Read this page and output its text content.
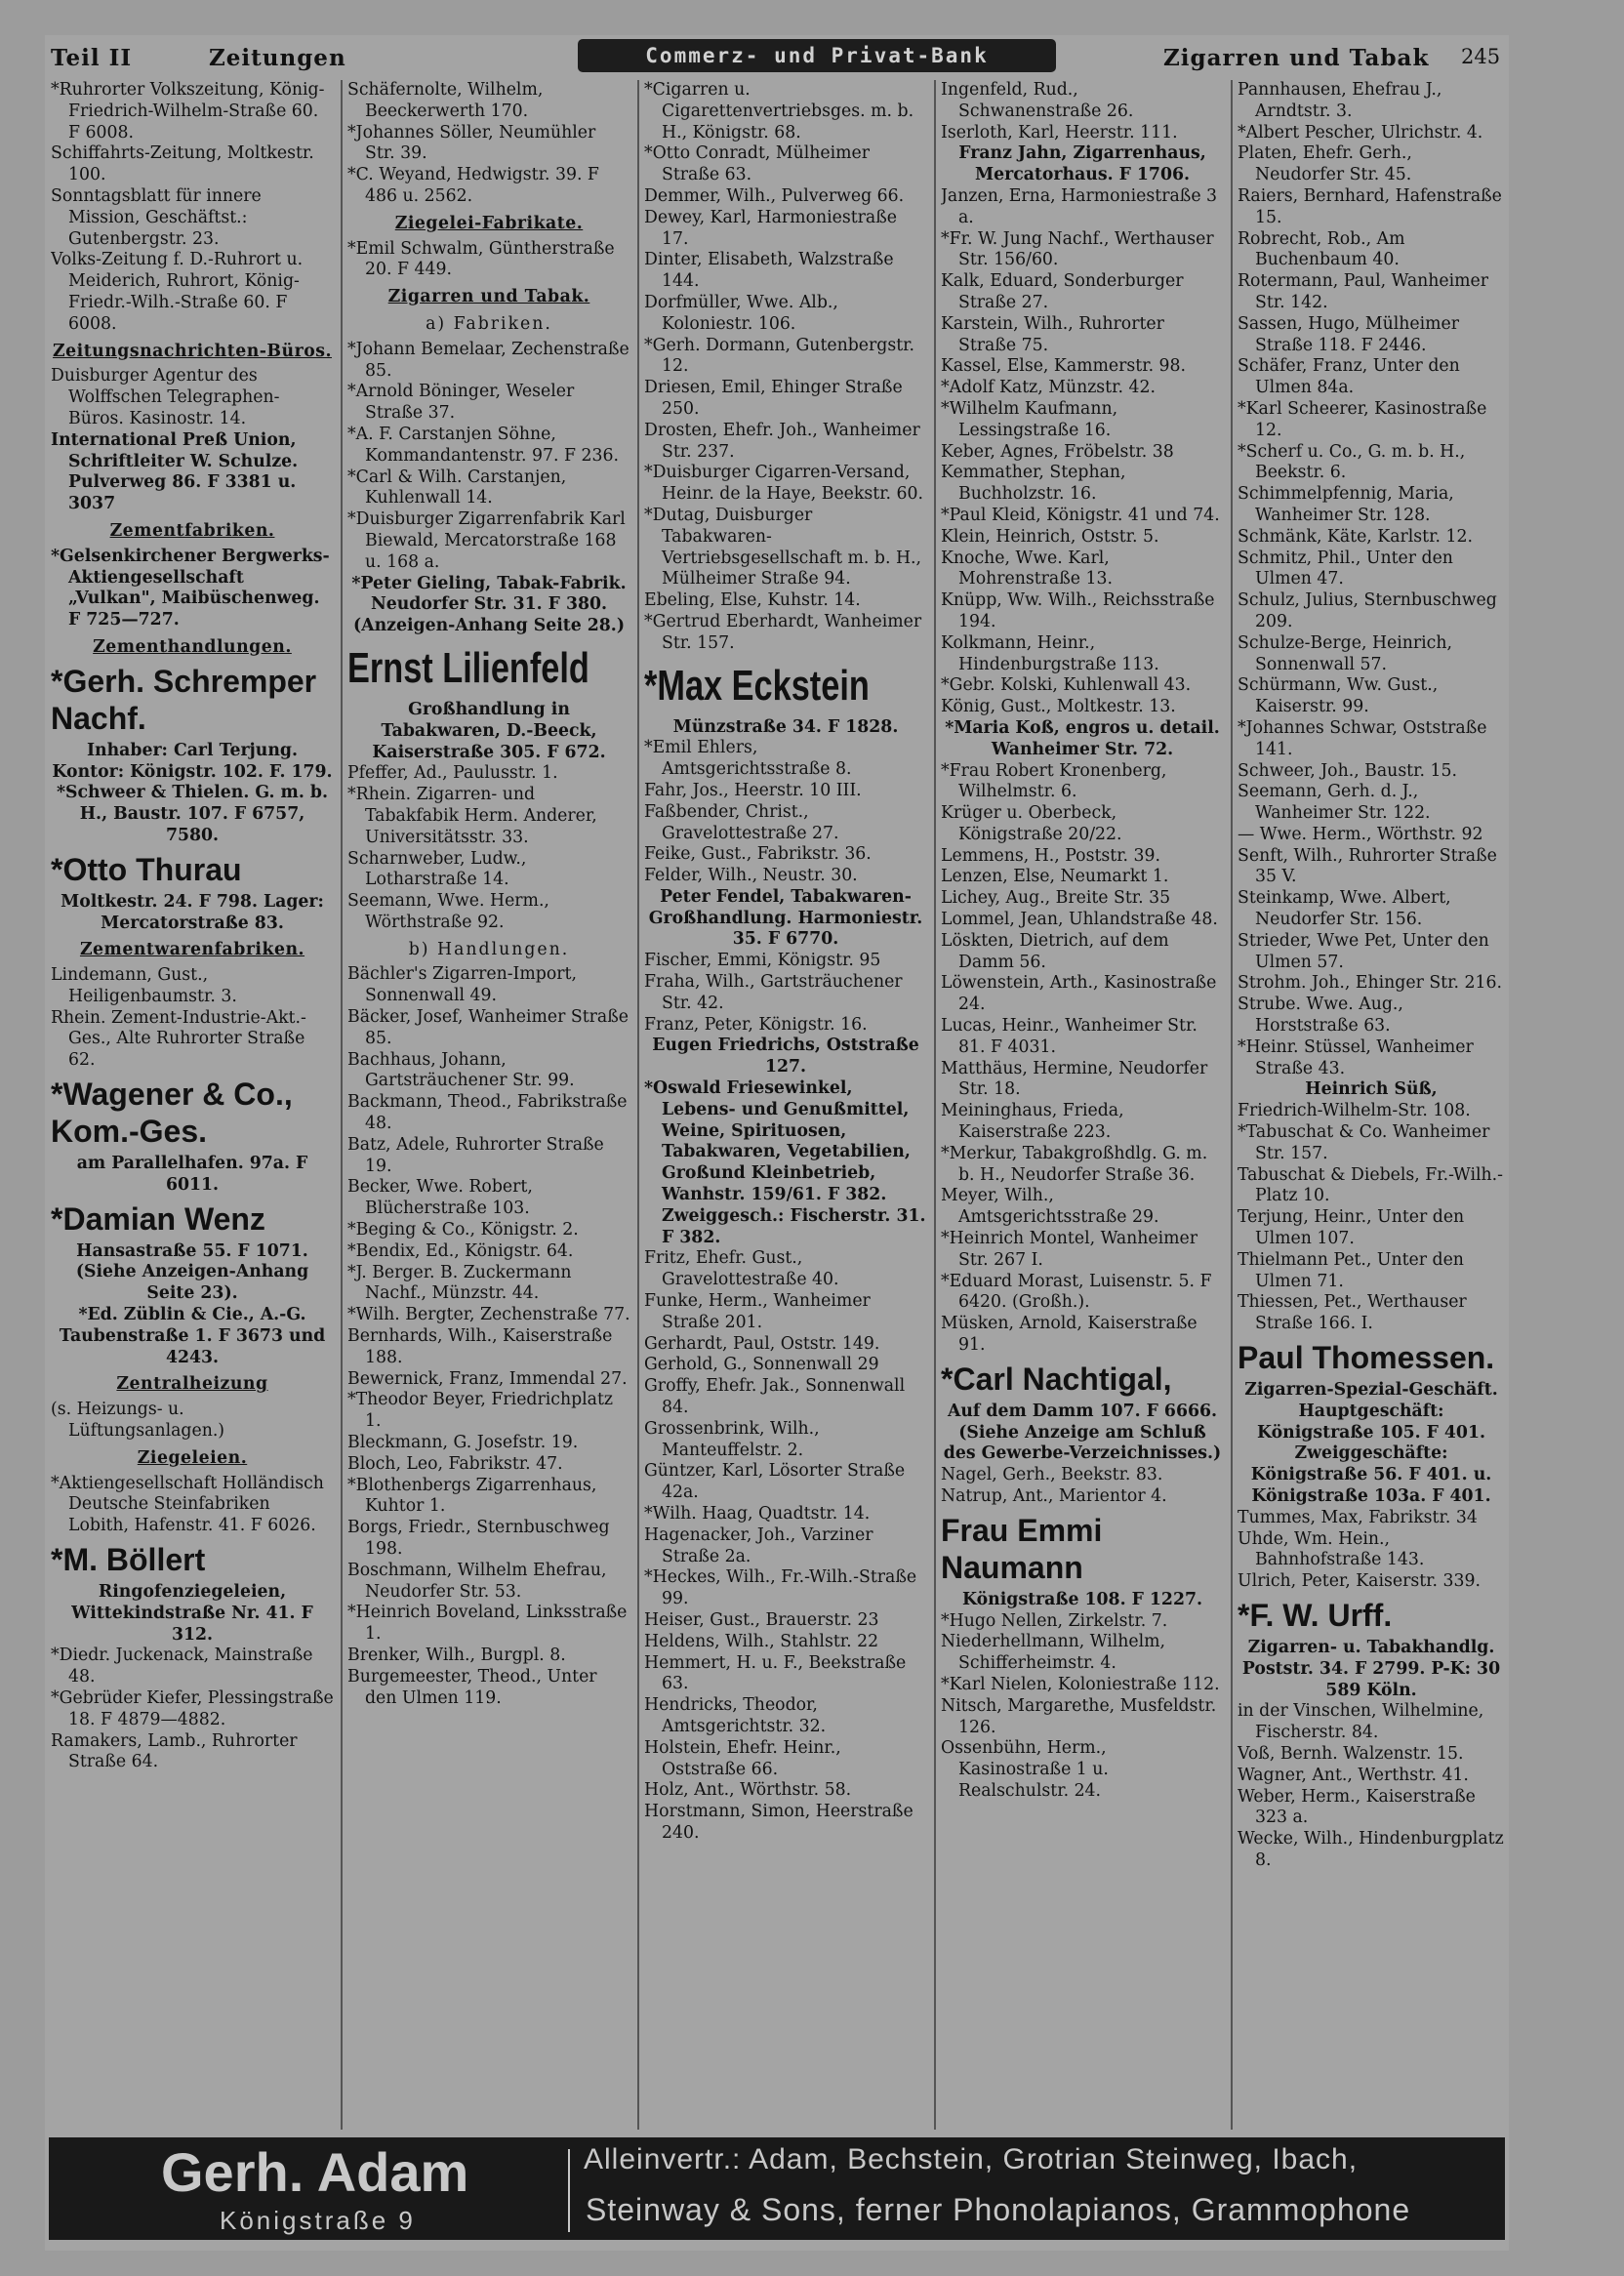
Teil II	Zeitungen	Commerz- und Privat-Bank	Zigarren und Tabak 245

*Ruhrorter Volkszeitung, König-Friedrich-Wilhelm-Straße 60. F 6008.

Schiffahrts-Zeitung, Moltkestr. 100.

Sonntagsblatt für innere Mission, Geschäftst.: Gutenbergstr. 23.

Volks-Zeitung f. D.-Ruhrort u. Meiderich, Ruhrort, König-Friedr.-Wilh.-Straße 60. F 6008.

Zeitungsnachrichten-Büros.

Duisburger Agentur des Wolffschen Telegraphen-Büros. Kasinostr. 14.

International Preß Union, Schriftleiter W. Schulze. Pulverweg 86. F 3381 u. 3037

Zementfabriken.

*Gelsenkirchener Bergwerks-Aktiengesellschaft „Vulkan", Maibüschenweg. F 725—727.

Zementhandlungen.

*Gerh. Schremper Nachf.

Inhaber: Carl Terjung. Kontor: Königstr. 102. F. 179.

*Schweer & Thielen. G. m. b. H., Baustr. 107. F 6757, 7580.

*Otto Thurau

Moltkestr. 24. F 798. Lager: Mercatorstraße 83.

Zementwarenfabriken.

Lindemann, Gust., Heiligenbaumstr. 3.

Rhein. Zement-Industrie-Akt.-Ges., Alte Ruhrorter Straße 62.

*Wagener & Co., Kom.-Ges.

am Parallelhafen. 97a. F 6011.

*Damian Wenz

Hansastraße 55. F 1071. (Siehe Anzeigen-Anhang Seite 23).

*Ed. Züblin & Cie., A.-G. Taubenstraße 1. F 3673 und 4243.

Zentralheizung

(s. Heizungs- u. Lüftungsanlagen.)

Ziegeleien.

*Aktiengesellschaft Holländisch Deutsche Steinfabriken Lobith, Hafenstr. 41. F 6026.

*M. Böllert

Ringofenziegeleien, Wittekindstraße Nr. 41. F 312.

*Diedr. Juckenack, Mainstraße 48.

*Gebrüder Kiefer, Plessingstraße 18. F 4879—4882.

Ramakers, Lamb., Ruhrorter Straße 64.

Schäfernolte, Wilhelm, Beeckerwerth 170.

*Johannes Söller, Neumühler Str. 39.

*C. Weyand, Hedwigstr. 39. F 486 u. 2562.

Ziegelei-Fabrikate.

*Emil Schwalm, Güntherstraße 20. F 449.

Zigarren und Tabak.

a) Fabriken.

*Johann Bemelaar, Zechenstraße 85.

*Arnold Böninger, Weseler Straße 37.

*A. F. Carstanjen Söhne, Kommandantenstr. 97. F 236.

*Carl & Wilh. Carstanjen, Kuhlenwall 14.

*Duisburger Zigarrenfabrik Karl Biewald, Mercatorstraße 168 u. 168 a.

*Peter Gieling, Tabak-Fabrik. Neudorfer Str. 31. F 380. (Anzeigen-Anhang Seite 28.)

Ernst Lilienfeld

Großhandlung in Tabakwaren, D.-Beeck, Kaiserstraße 305. F 672.

Pfeffer, Ad., Paulusstr. 1.

*Rhein. Zigarren- und Tabakfabik Herm. Anderer, Universitätsstr. 33.

Scharnweber, Ludw., Lotharstraße 14.

Seemann, Wwe. Herm., Wörthstraße 92.

b) Handlungen.

Bächler's Zigarren-Import, Sonnenwall 49.

Bäcker, Josef, Wanheimer Straße 85.

Bachhaus, Johann, Gartsträuchener Str. 99.

Backmann, Theod., Fabrikstraße 48.

Batz, Adele, Ruhrorter Straße 19.

Becker, Wwe. Robert, Blücherstraße 103.

*Beging & Co., Königstr. 2.

*Bendix, Ed., Königstr. 64.

*J. Berger. B. Zuckermann Nachf., Münzstr. 44.

*Wilh. Bergter, Zechenstraße 77.

Bernhards, Wilh., Kaiserstraße 188.

Bewernick, Franz, Immendal 27.

*Theodor Beyer, Friedrichplatz 1.

Bleckmann, G. Josefstr. 19.

Bloch, Leo, Fabrikstr. 47.

*Blothenbergs Zigarrenhaus, Kuhtor 1.

Borgs, Friedr., Sternbuschweg 198.

Boschmann, Wilhelm Ehefrau, Neudorfer Str. 53.

*Heinrich Boveland, Linksstraße 1.

Brenker, Wilh., Burgpl. 8.

Burgemeester, Theod., Unter den Ulmen 119.

*Cigarren u. Cigarettenvertriebsges. m. b. H., Königstr. 68.

*Otto Conradt, Mülheimer Straße 63.

Demmer, Wilh., Pulverweg 66.

Dewey, Karl, Harmoniestraße 17.

Dinter, Elisabeth, Walzstraße 144.

Dorfmüller, Wwe. Alb., Koloniestr. 106.

*Gerh. Dormann, Gutenbergstr. 12.

Driesen, Emil, Ehinger Straße 250.

Drosten, Ehefr. Joh., Wanheimer Str. 237.

*Duisburger Cigarren-Versand, Heinr. de la Haye, Beekstr. 60.

*Dutag, Duisburger Tabakwaren-Vertriebsgesellschaft m. b. H., Mülheimer Straße 94.

Ebeling, Else, Kuhstr. 14.

*Gertrud Eberhardt, Wanheimer Str. 157.

*Max Eckstein

Münzstraße 34. F 1828.

*Emil Ehlers, Amtsgerichtsstraße 8.

Fahr, Jos., Heerstr. 10 III.

Faßbender, Christ., Gravelottestraße 27.

Feike, Gust., Fabrikstr. 36.

Felder, Wilh., Neustr. 30.

Peter Fendel, Tabakwaren-Großhandlung. Harmoniestr. 35. F 6770.

Fischer, Emmi, Königstr. 95

Fraha, Wilh., Gartsträuchener Str. 42.

Franz, Peter, Königstr. 16.

Eugen Friedrichs, Oststraße 127.

*Oswald Friesewinkel, Lebens- und Genußmittel, Weine, Spirituosen, Tabakwaren, Vegetabilien, Großund Kleinbetrieb, Wanhstr. 159/61. F 382. Zweiggesch.: Fischerstr. 31. F 382.

Fritz, Ehefr. Gust., Gravelottestraße 40.

Funke, Herm., Wanheimer Straße 201.

Gerhardt, Paul, Oststr. 149.

Gerhold, G., Sonnenwall 29

Groffy, Ehefr. Jak., Sonnenwall 84.

Grossenbrink, Wilh., Manteuffelstr. 2.

Güntzer, Karl, Lösorter Straße 42a.

*Wilh. Haag, Quadtstr. 14.

Hagenacker, Joh., Varziner Straße 2a.

*Heckes, Wilh., Fr.-Wilh.-Straße 99.

Heiser, Gust., Brauerstr. 23

Heldens, Wilh., Stahlstr. 22

Hemmert, H. u. F., Beekstraße 63.

Hendricks, Theodor, Amtsgerichtstr. 32.

Holstein, Ehefr. Heinr., Oststraße 66.

Holz, Ant., Wörthstr. 58.

Horstmann, Simon, Heerstraße 240.

Ingenfeld, Rud., Schwanenstraße 26.

Iserloth, Karl, Heerstr. 111.

Franz Jahn, Zigarrenhaus, Mercatorhaus. F 1706.

Janzen, Erna, Harmoniestraße 3 a.

*Fr. W. Jung Nachf., Werthauser Str. 156/60.

Kalk, Eduard, Sonderburger Straße 27.

Karstein, Wilh., Ruhrorter Straße 75.

Kassel, Else, Kammerstr. 98.

*Adolf Katz, Münzstr. 42.

*Wilhelm Kaufmann, Lessingstraße 16.

Keber, Agnes, Fröbelstr. 38

Kemmather, Stephan, Buchholzstr. 16.

*Paul Kleid, Königstr. 41 und 74.

Klein, Heinrich, Oststr. 5.

Knoche, Wwe. Karl, Mohrenstraße 13.

Knüpp, Ww. Wilh., Reichsstraße 194.

Kolkmann, Heinr., Hindenburgstraße 113.

*Gebr. Kolski, Kuhlenwall 43.

König, Gust., Moltkestr. 13.

*Maria Koß, engros u. detail. Wanheimer Str. 72.

*Frau Robert Kronenberg, Wilhelmstr. 6.

Krüger u. Oberbeck, Königstraße 20/22.

Lemmens, H., Poststr. 39.

Lenzen, Else, Neumarkt 1.

Lichey, Aug., Breite Str. 35

Lommel, Jean, Uhlandstraße 48.

Löskten, Dietrich, auf dem Damm 56.

Löwenstein, Arth., Kasinostraße 24.

Lucas, Heinr., Wanheimer Str. 81. F 4031.

Matthäus, Hermine, Neudorfer Str. 18.

Meininghaus, Frieda, Kaiserstraße 223.

*Merkur, Tabakgroßhdlg. G. m. b. H., Neudorfer Straße 36.

Meyer, Wilh., Amtsgerichtsstraße 29.

*Heinrich Montel, Wanheimer Str. 267 I.

*Eduard Morast, Luisenstr. 5. F 6420. (Großh.).

Müsken, Arnold, Kaiserstraße 91.

*Carl Nachtigal,

Auf dem Damm 107. F 6666. (Siehe Anzeige am Schluß des Gewerbe-Verzeichnisses.)

Nagel, Gerh., Beekstr. 83.

Natrup, Ant., Marientor 4.

Frau Emmi Naumann

Königstraße 108. F 1227.

*Hugo Nellen, Zirkelstr. 7.

Niederhellmann, Wilhelm, Schifferheimstr. 4.

*Karl Nielen, Koloniestraße 112.

Nitsch, Margarethe, Musfeldstr. 126.

Ossenbühn, Herm., Kasinostraße 1 u. Realschulstr. 24.

Pannhausen, Ehefrau J., Arndtstr. 3.

*Albert Pescher, Ulrichstr. 4.

Platen, Ehefr. Gerh., Neudorfer Str. 45.

Raiers, Bernhard, Hafenstraße 15.

Robrecht, Rob., Am Buchenbaum 40.

Rotermann, Paul, Wanheimer Str. 142.

Sassen, Hugo, Mülheimer Straße 118. F 2446.

Schäfer, Franz, Unter den Ulmen 84a.

*Karl Scheerer, Kasinostraße 12.

*Scherf u. Co., G. m. b. H., Beekstr. 6.

Schimmelpfennig, Maria, Wanheimer Str. 128.

Schmänk, Käte, Karlstr. 12.

Schmitz, Phil., Unter den Ulmen 47.

Schulz, Julius, Sternbuschweg 209.

Schulze-Berge, Heinrich, Sonnenwall 57.

Schürmann, Ww. Gust., Kaiserstr. 99.

*Johannes Schwar, Oststraße 141.

Schweer, Joh., Baustr. 15.

Seemann, Gerh. d. J., Wanheimer Str. 122.

— Wwe. Herm., Wörthstr. 92

Senft, Wilh., Ruhrorter Straße 35 V.

Steinkamp, Wwe. Albert, Neudorfer Str. 156.

Strieder, Wwe Pet, Unter den Ulmen 57.

Strohm. Joh., Ehinger Str. 216.

Strube. Wwe. Aug., Horststraße 63.

*Heinr. Stüssel, Wanheimer Straße 43.

Heinrich Süß,

Friedrich-Wilhelm-Str. 108.

*Tabuschat & Co. Wanheimer Str. 157.

Tabuschat & Diebels, Fr.-Wilh.-Platz 10.

Terjung, Heinr., Unter den Ulmen 107.

Thielmann Pet., Unter den Ulmen 71.

Thiessen, Pet., Werthauser Straße 166. I.

Paul Thomessen.

Zigarren-Spezial-Geschäft. Hauptgeschäft: Königstraße 105. F 401. Zweiggeschäfte: Königstraße 56. F 401. u. Königstraße 103a. F 401.

Tummes, Max, Fabrikstr. 34

Uhde, Wm. Hein., Bahnhofstraße 143.

Ulrich, Peter, Kaiserstr. 339.

*F. W. Urff.

Zigarren- u. Tabakhandlg. Poststr. 34. F 2799. P-K: 30 589 Köln.

in der Vinschen, Wilhelmine, Fischerstr. 84.

Voß, Bernh. Walzenstr. 15.

Wagner, Ant., Werthstr. 41.

Weber, Herm., Kaiserstraße 323 a.

Wecke, Wilh., Hindenburgplatz 8.

Gerh. Adam
Königstraße 9
Alleinvertr.: Adam, Bechstein, Grotrian Steinweg, Ibach,
Steinway & Sons, ferner Phonolapianos, Grammophone
